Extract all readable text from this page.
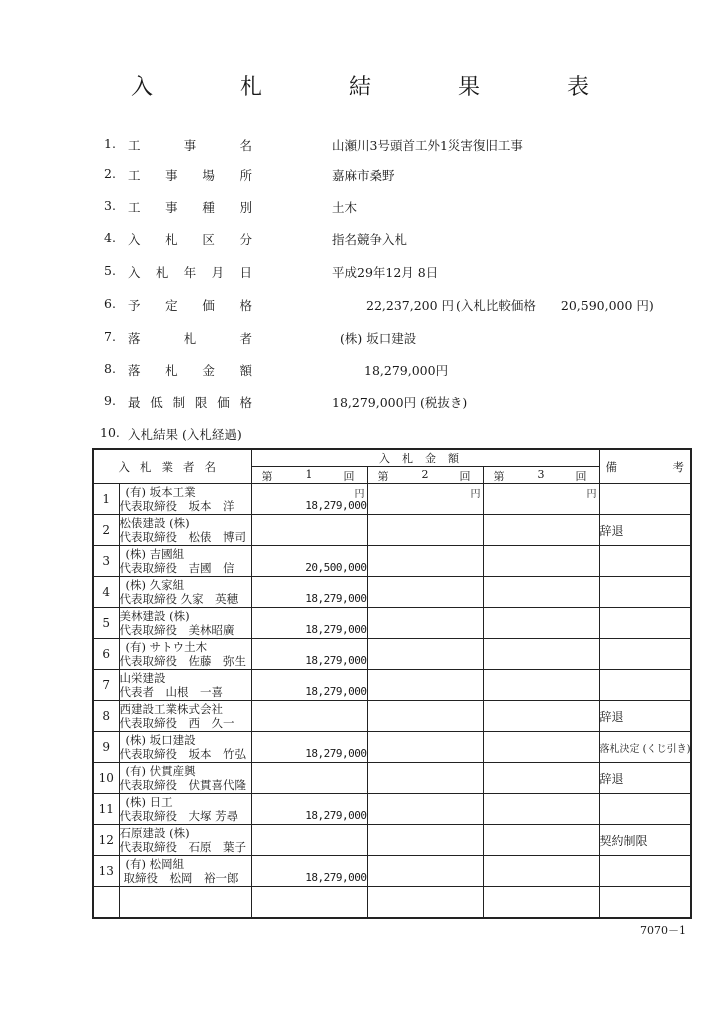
入 札 結 果 表
1. 工事名	山瀬川3号頭首工外1災害復旧工事
2. 工事場所	嘉麻市桑野
3. 工事種別	土木
4. 入札区分	指名競争入札
5. 入札年月日	平成29年12月 8日
6. 予定価格	22,237,200 円 (入札比較価格　　20,590,000 円)
7. 落札者	(株) 坂口建設
8. 落札金額	18,279,000円
9. 最低制限価格	18,279,000円 (税抜き)
10. 入札結果 (入札経過)
入札業者名		入札金額			備 考

		第 1 回	第 2 回	第 3 回	

1	(有) 坂本工業
代表取締役　坂本　洋	円
18,279,000	円	円	

2	松俵建設 (株)
代表取締役　松俵　博司				辞退
3	(株) 吉國組
代表取締役　吉國　信	20,500,000			

4	(株) 久家組
代表取締役 久家　英穂	18,279,000			

5	美林建設 (株)
代表取締役　美林昭廣	18,279,000			

6	(有) サトウ土木
代表取締役　佐藤　弥生	18,279,000			

7	山栄建設
代表者　山根　一喜	18,279,000			

8	西建設工業株式会社
代表取締役　西　久一				辞退
9	(株) 坂口建設
代表取締役　坂本　竹弘	18,279,000			落札決定 (くじ引き)
10	(有) 伏貫産興
代表取締役　伏貫喜代隆				辞退
11	(株) 日工
代表取締役　大塚 芳尋	18,279,000			

12	石原建設 (株)
代表取締役　石原　葉子				契約制限
13	(有) 松岡組
取締役　松岡　裕一郎	18,279,000			

7070－1
